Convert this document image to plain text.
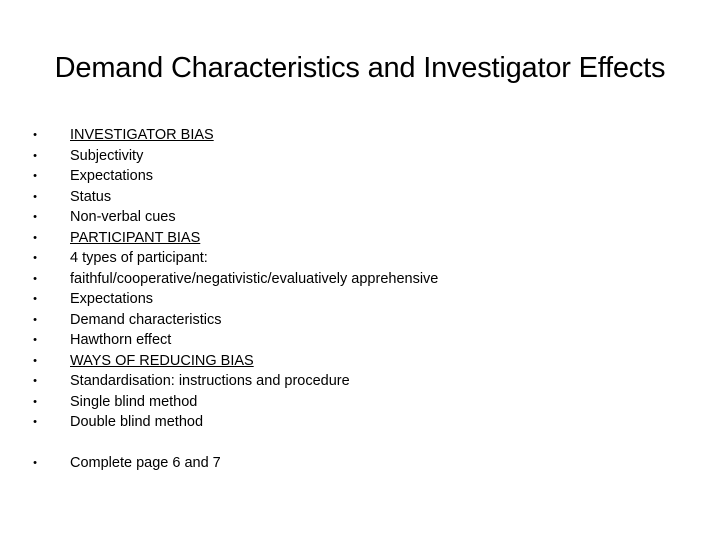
Demand Characteristics and Investigator Effects
• INVESTIGATOR BIAS
• Subjectivity
• Expectations
• Status
• Non-verbal cues
• PARTICIPANT BIAS
• 4 types of participant:
• faithful/cooperative/negativistic/evaluatively apprehensive
• Expectations
• Demand characteristics
• Hawthorn effect
• WAYS OF REDUCING BIAS
• Standardisation: instructions and procedure
• Single blind method
• Double blind method
• Complete page 6 and 7
